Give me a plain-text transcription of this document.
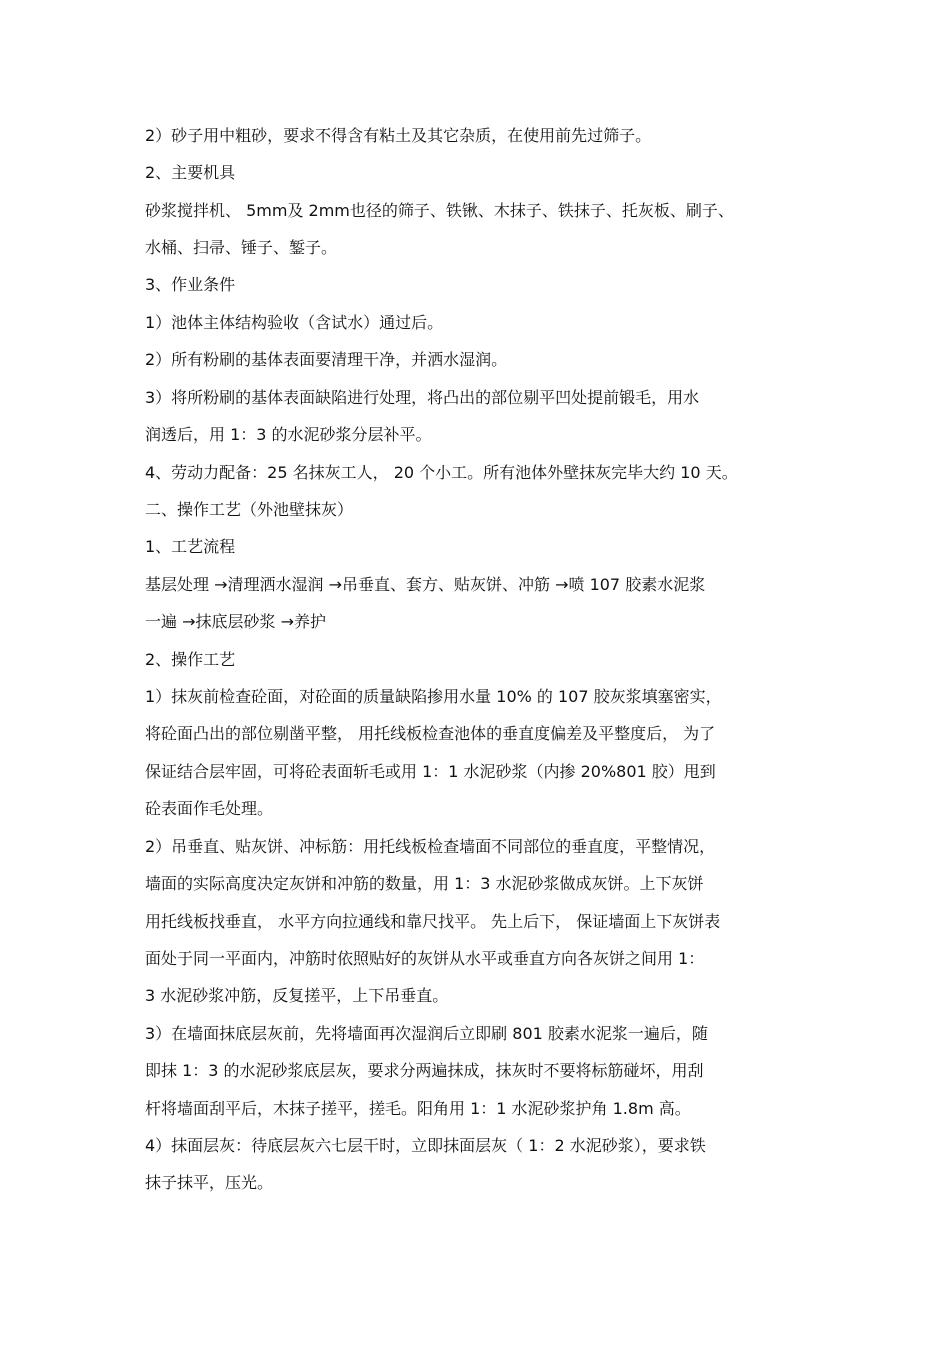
2）砂子用中粗砂，要求不得含有粘土及其它杂质，在使用前先过筛子。
2、主要机具
砂浆搅拌机、 5mm及 2mm也径的筛子、铁锹、木抹子、铁抹子、托灰板、刷子、
水桶、扫帚、锤子、錾子。
3、作业条件
1）池体主体结构验收（含试水）通过后。
2）所有粉刷的基体表面要清理干净，并洒水湿润。
3）将所粉刷的基体表面缺陷进行处理，将凸出的部位剔平凹处提前锻毛，用水
润透后，用 1：3 的水泥砂浆分层补平。
4、劳动力配备：25 名抹灰工人， 20 个小工。所有池体外壁抹灰完毕大约 10 天。
二、操作工艺（外池壁抹灰）
1、工艺流程
基层处理 →清理洒水湿润 →吊垂直、套方、贴灰饼、冲筋 →喷 107 胶素水泥浆
一遍 →抹底层砂浆 →养护
2、操作工艺
1）抹灰前检查砼面，对砼面的质量缺陷掺用水量 10% 的 107 胶灰浆填塞密实，
将砼面凸出的部位剔凿平整， 用托线板检查池体的垂直度偏差及平整度后， 为了
保证结合层牢固，可将砼表面斩毛或用 1：1 水泥砂浆（内掺 20%801 胶）甩到
砼表面作毛处理。
2）吊垂直、贴灰饼、冲标筋：用托线板检查墙面不同部位的垂直度，平整情况，
墙面的实际高度决定灰饼和冲筋的数量，用 1：3 水泥砂浆做成灰饼。上下灰饼
用托线板找垂直， 水平方向拉通线和靠尺找平。 先上后下， 保证墙面上下灰饼表
面处于同一平面内，冲筋时依照贴好的灰饼从水平或垂直方向各灰饼之间用 1：
3 水泥砂浆冲筋，反复搓平，上下吊垂直。
3）在墙面抹底层灰前，先将墙面再次湿润后立即刷 801 胶素水泥浆一遍后，随
即抹 1：3 的水泥砂浆底层灰，要求分两遍抹成，抹灰时不要将标筋碰坏，用刮
杆将墙面刮平后，木抹子搓平，搓毛。阳角用 1：1 水泥砂浆护角 1.8m 高。
4）抹面层灰：待底层灰六七层干时，立即抹面层灰（ 1：2 水泥砂浆），要求铁
抹子抹平，压光。
